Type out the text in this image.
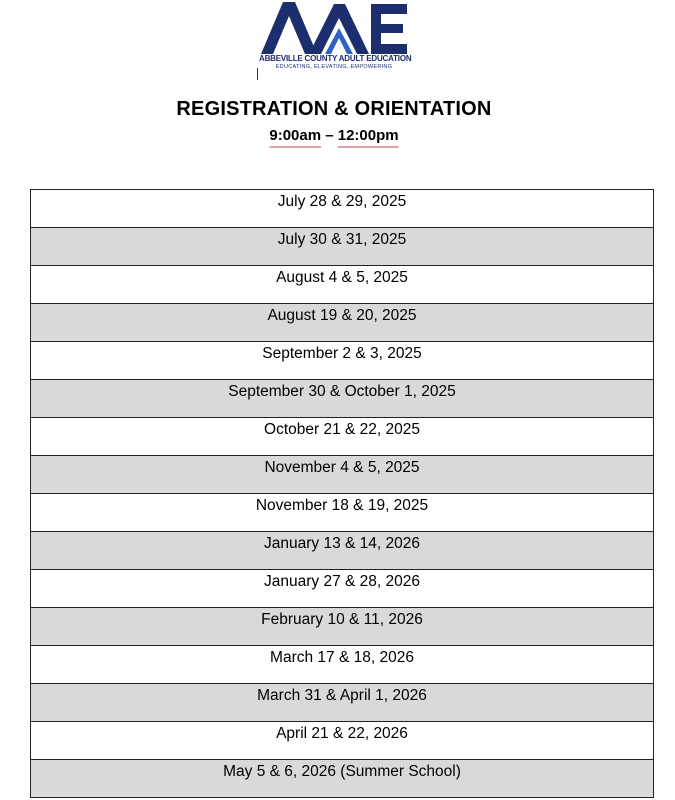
ABBEVILLE COUNTY ADULT EDUCATION
EDUCATING, ELEVATING, EMPOWERING
REGISTRATION & ORIENTATION
9:00am – 12:00pm
July 28 & 29, 2025
July 30 & 31, 2025
August 4 & 5, 2025
August 19 & 20, 2025
September 2 & 3, 2025
September 30 & October 1, 2025
October 21 & 22, 2025
November 4 & 5, 2025
November 18 & 19, 2025
January 13 & 14, 2026
January 27 & 28, 2026
February 10 & 11, 2026
March 17 & 18, 2026
March 31 & April 1, 2026
April 21 & 22, 2026
May 5 & 6, 2026 (Summer School)
